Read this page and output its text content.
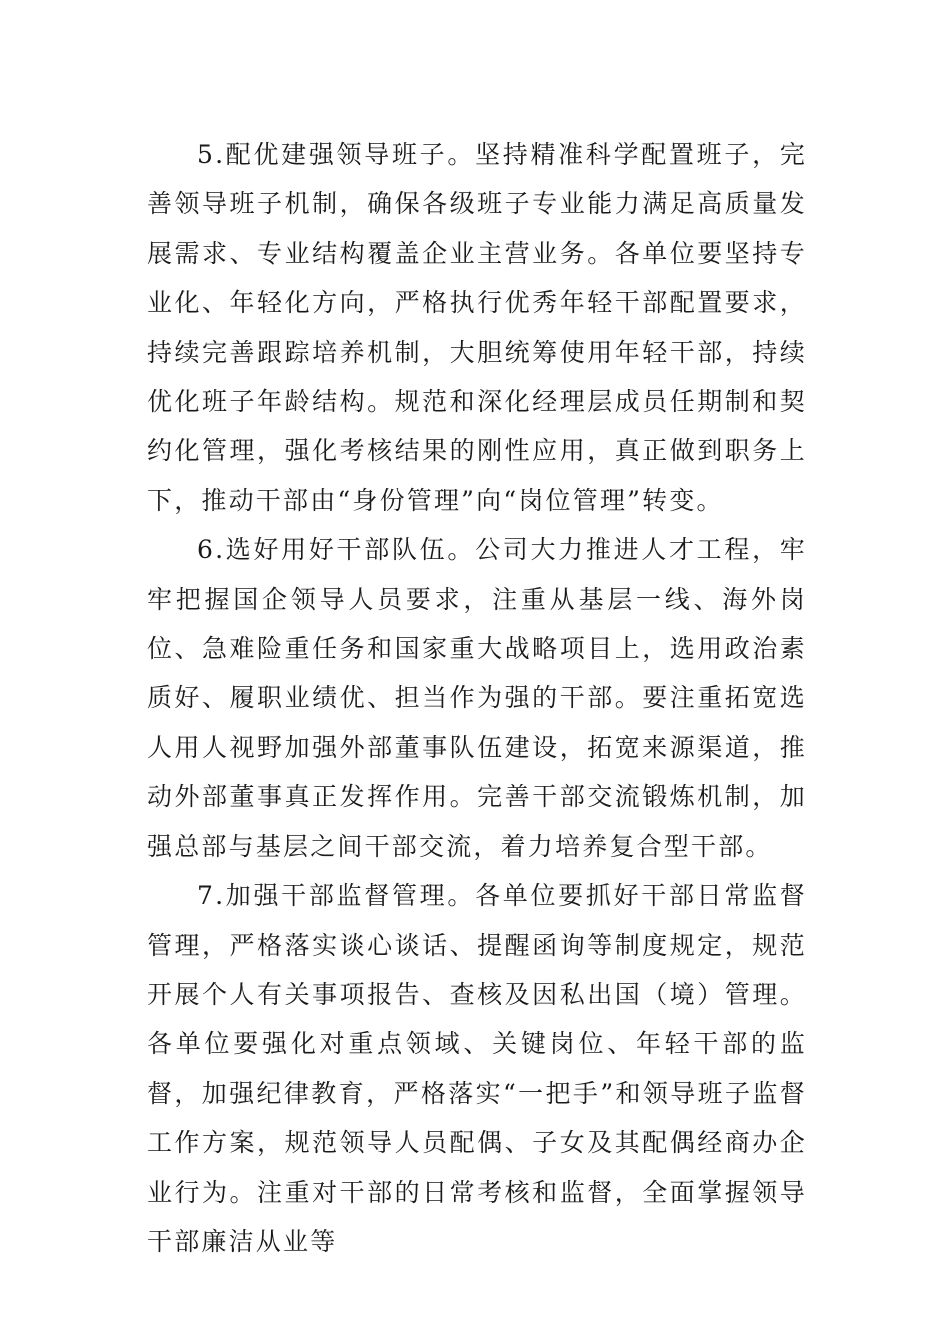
5.配优建强领导班子。坚持精准科学配置班子，完善领导班子机制，确保各级班子专业能力满足高质量发展需求、专业结构覆盖企业主营业务。各单位要坚持专业化、年轻化方向，严格执行优秀年轻干部配置要求，持续完善跟踪培养机制，大胆统筹使用年轻干部，持续优化班子年龄结构。规范和深化经理层成员任期制和契约化管理，强化考核结果的刚性应用，真正做到职务上下，推动干部由“身份管理”向“岗位管理”转变。

6.选好用好干部队伍。公司大力推进人才工程，牢牢把握国企领导人员要求，注重从基层一线、海外岗位、急难险重任务和国家重大战略项目上，选用政治素质好、履职业绩优、担当作为强的干部。要注重拓宽选人用人视野加强外部董事队伍建设，拓宽来源渠道，推动外部董事真正发挥作用。完善干部交流锻炼机制，加强总部与基层之间干部交流，着力培养复合型干部。

7.加强干部监督管理。各单位要抓好干部日常监督管理，严格落实谈心谈话、提醒函询等制度规定，规范开展个人有关事项报告、查核及因私出国（境）管理。各单位要强化对重点领域、关键岗位、年轻干部的监督，加强纪律教育，严格落实“一把手”和领导班子监督工作方案，规范领导人员配偶、子女及其配偶经商办企业行为。注重对干部的日常考核和监督，全面掌握领导干部廉洁从业等
